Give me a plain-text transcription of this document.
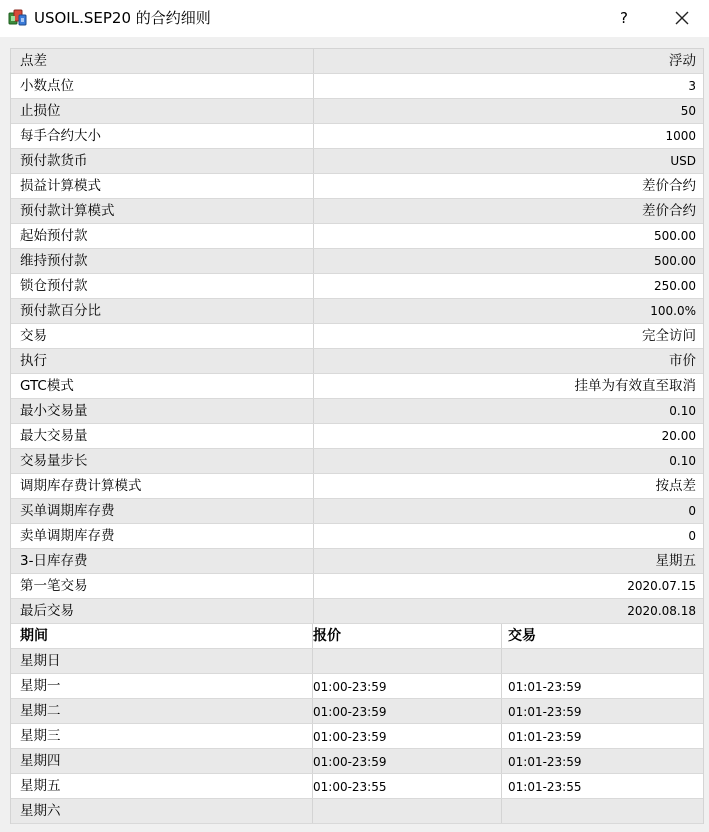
USOIL.SEP20 的合约细则	?
点差	浮动
小数点位	3
止损位	50
每手合约大小	1000
预付款货币	USD
损益计算模式	差价合约
预付款计算模式	差价合约
起始预付款	500.00
维持预付款	500.00
锁仓预付款	250.00
预付款百分比	100.0%
交易	完全访问
执行	市价
GTC模式	挂单为有效直至取消
最小交易量	0.10
最大交易量	20.00
交易量步长	0.10
调期库存费计算模式	按点差
买单调期库存费	0
卖单调期库存费	0
3-日库存费	星期五
第一笔交易	2020.07.15
最后交易	2020.08.18
期间	报价	交易
星期日
星期一	01:00-23:59	01:01-23:59
星期二	01:00-23:59	01:01-23:59
星期三	01:00-23:59	01:01-23:59
星期四	01:00-23:59	01:01-23:59
星期五	01:00-23:55	01:01-23:55
星期六
